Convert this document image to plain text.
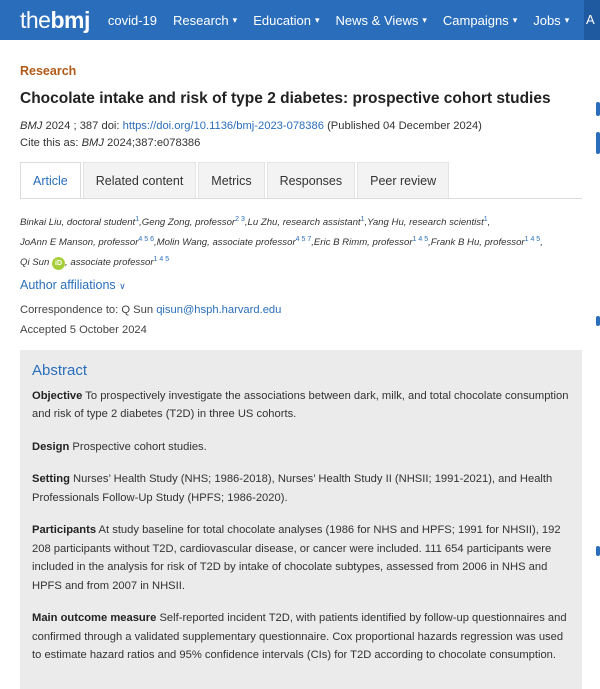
the bmj covid-19 Research ▾ Education ▾ News & Views ▾ Campaigns ▾ Jobs ▾ A
Research
Chocolate intake and risk of type 2 diabetes: prospective cohort studies
BMJ 2024 ; 387 doi: https://doi.org/10.1136/bmj-2023-078386 (Published 04 December 2024)
Cite this as: BMJ 2024;387:e078386
Article	Related content	Metrics	Responses	Peer review
Binkai Liu, doctoral student$^1$,Geng Zong, professor$^{2 3}$,Lu Zhu, research assistant$^1$,Yang Hu, research scientist$^1$,
JoAnn E Manson, professor$^{4 5 6}$,Molin Wang, associate professor$^{4 5 7}$,Eric B Rimm, professor$^{1 4 5}$,Frank B Hu, professor$^{1 4 5}$,
Qi Sun iD , associate professor$^{1 4 5}$
Author affiliations ∨
Correspondence to: Q Sun qisun@hsph.harvard.edu
Accepted 5 October 2024
Abstract
Objective To prospectively investigate the associations between dark, milk, and total chocolate consumption and risk of type 2 diabetes (T2D) in three US cohorts.
Design Prospective cohort studies.
Setting Nurses’ Health Study (NHS; 1986-2018), Nurses’ Health Study II (NHSII; 1991-2021), and Health Professionals Follow-Up Study (HPFS; 1986-2020).
Participants At study baseline for total chocolate analyses (1986 for NHS and HPFS; 1991 for NHSII), 192 208 participants without T2D, cardiovascular disease, or cancer were included. 111 654 participants were included in the analysis for risk of T2D by intake of chocolate subtypes, assessed from 2006 in NHS and HPFS and from 2007 in NHSII.
Main outcome measure Self-reported incident T2D, with patients identified by follow-up questionnaires and confirmed through a validated supplementary questionnaire. Cox proportional hazards regression was used to estimate hazard ratios and 95% confidence intervals (CIs) for T2D according to chocolate consumption.
